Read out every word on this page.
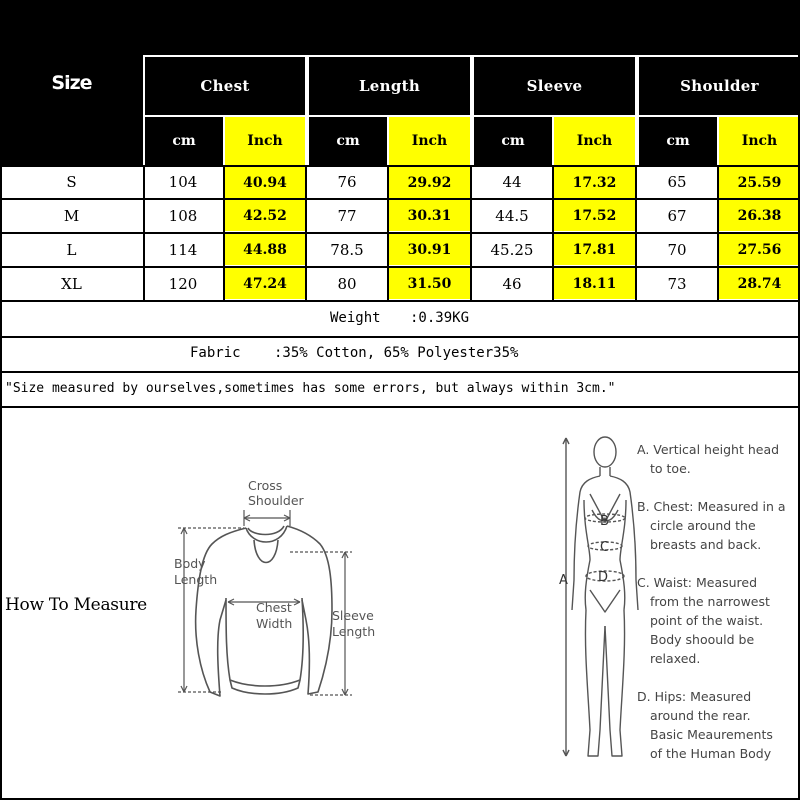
Size	Chest	Length	Sleeve	Shoulder
cm	Inch	cm	Inch	cm	Inch	cm	Inch
S	104	40.94	76	29.92	44	17.32	65	25.59
M	108	42.52	77	30.31	44.5	17.52	67	26.38
L	114	44.88	78.5	30.91	45.25	17.81	70	27.56
XL	120	47.24	80	31.50	46	18.11	73	28.74
Weight :0.39KG
Fabric :35% Cotton, 65% Polyester35%
"Size measured by ourselves,sometimes has some errors, but always within 3cm."
How To Measure
Cross
Shoulder
Body
Length
Chest
Width
Sleeve
Length
B
C
D
A
A. Vertical height head
to toe.
B. Chest: Measured in a
circle around the
breasts and back.
C. Waist: Measured
from the narrowest
point of the waist.
Body shoould be
relaxed.
D. Hips: Measured
around the rear.
Basic Meaurements
of the Human Body
